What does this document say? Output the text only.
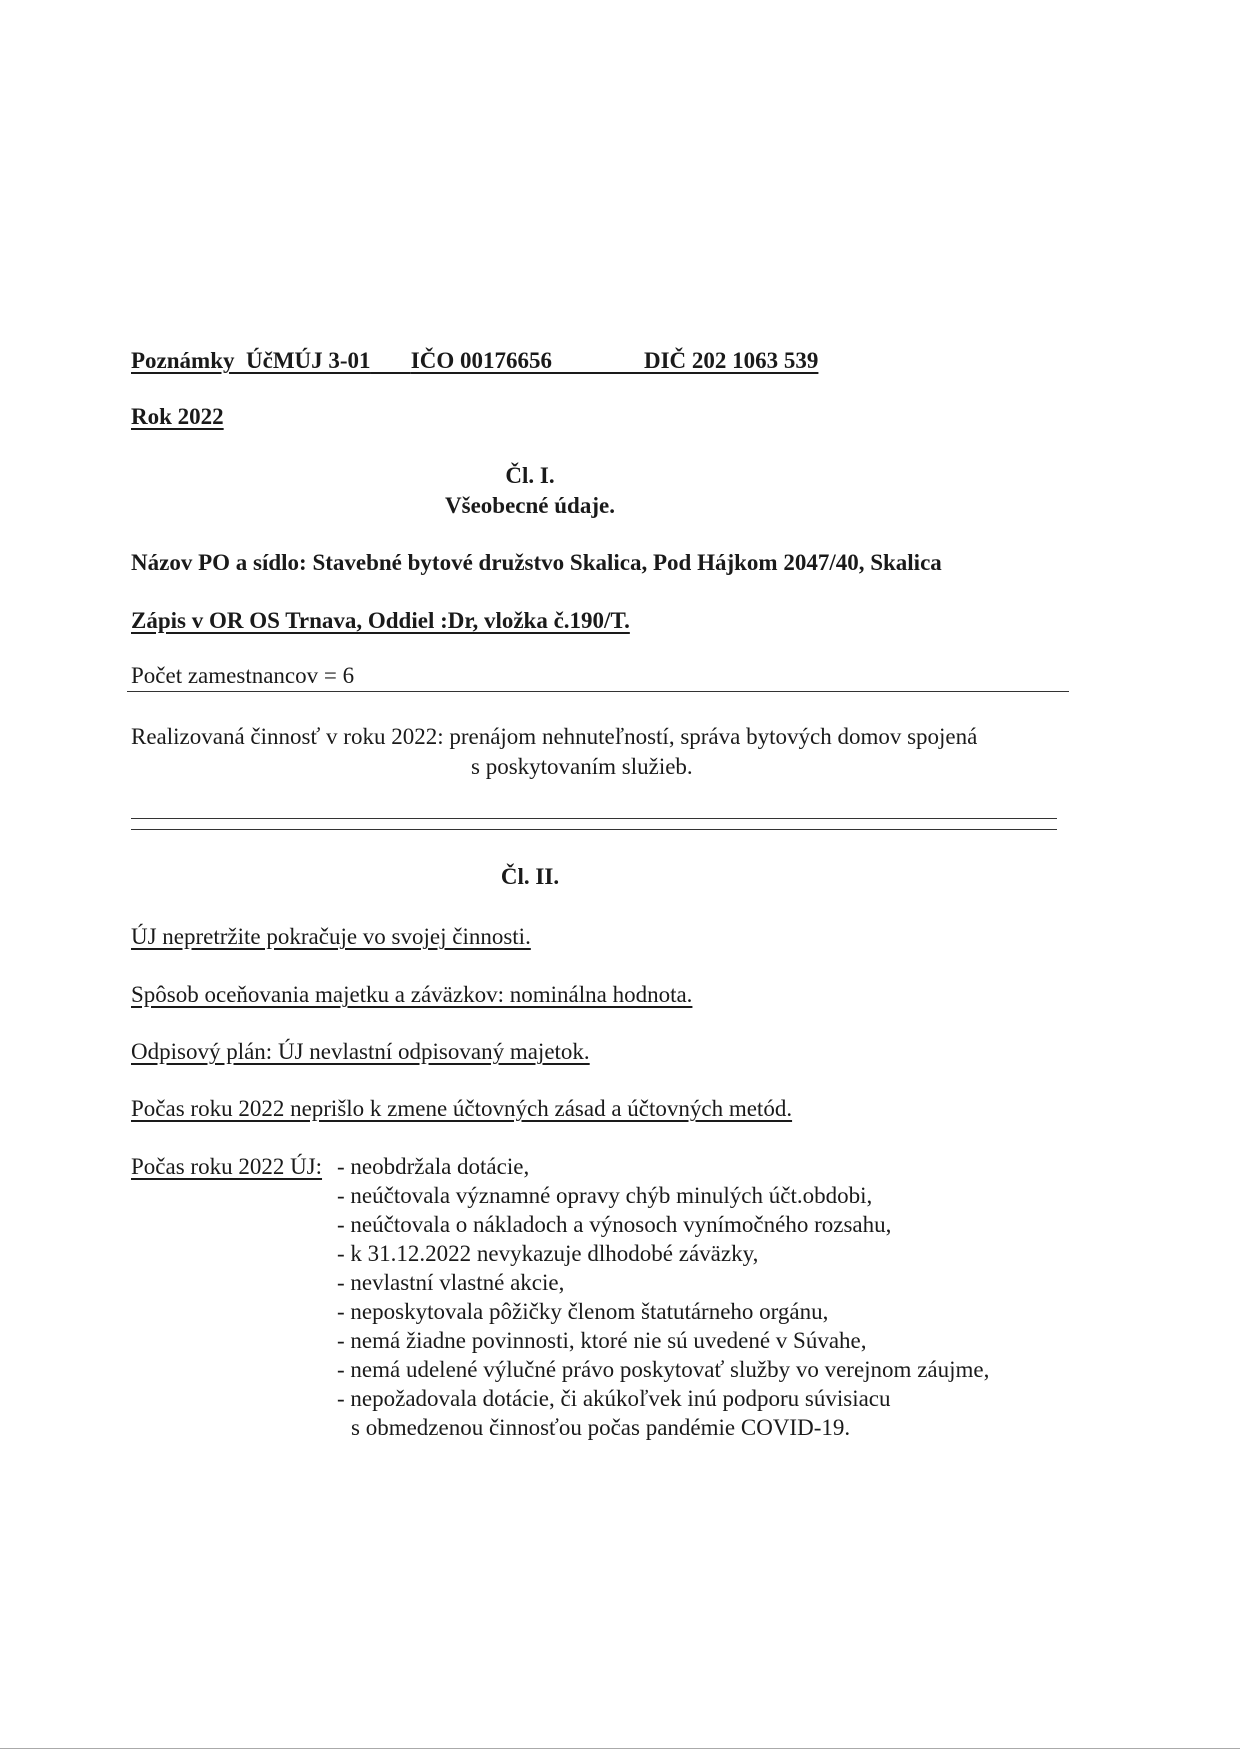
Poznámky ÚčMÚJ 3-01 IČO 00176656	DIČ 202 1063 539
Rok 2022
Čl. I.
Všeobecné údaje.
Názov PO a sídlo: Stavebné bytové družstvo Skalica, Pod Hájkom 2047/40, Skalica
Zápis v OR OS Trnava, Oddiel :Dr, vložka č.190/T.
Počet zamestnancov = 6
Realizovaná činnosť v roku 2022: prenájom nehnuteľností, správa bytových domov spojená
s poskytovaním služieb.
Čl. II.
ÚJ nepretržite pokračuje vo svojej činnosti.
Spôsob oceňovania majetku a záväzkov: nominálna hodnota.
Odpisový plán: ÚJ nevlastní odpisovaný majetok.
Počas roku 2022 neprišlo k zmene účtovných zásad a účtovných metód.
Počas roku 2022 ÚJ: - neobdržala dotácie,
- neúčtovala významné opravy chýb minulých účt.obdobi,
- neúčtovala o nákladoch a výnosoch vynímočného rozsahu,
- k 31.12.2022 nevykazuje dlhodobé záväzky,
- nevlastní vlastné akcie,
- neposkytovala pôžičky členom štatutárneho orgánu,
- nemá žiadne povinnosti, ktoré nie sú uvedené v Súvahe,
- nemá udelené výlučné právo poskytovať služby vo verejnom záujme,
- nepožadovala dotácie, či akúkoľvek inú podporu súvisiacu
s obmedzenou činnosťou počas pandémie COVID-19.
